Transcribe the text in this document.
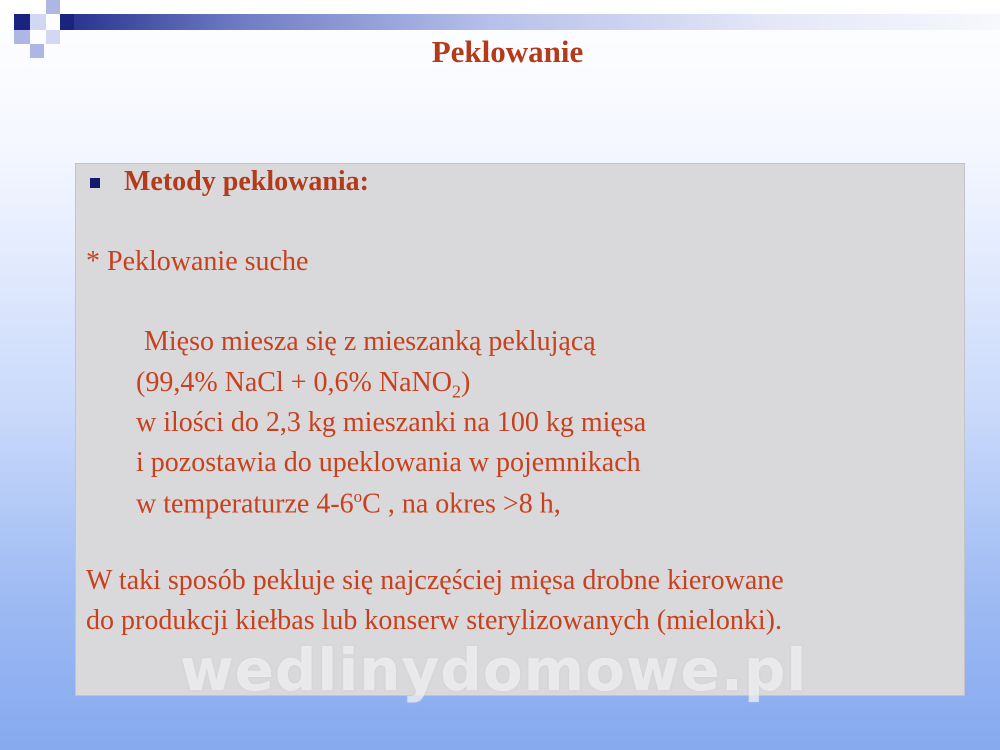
Peklowanie
Metody peklowania:
* Peklowanie suche
Mięso miesza się z mieszanką peklującą
(99,4% NaCl + 0,6% NaNO$_2$)
w ilości do 2,3 kg mieszanki na 100 kg mięsa
i pozostawia do upeklowania w pojemnikach
w temperaturze 4-6$^o$C , na okres >8 h,
W taki sposób pekluje się najczęściej mięsa drobne kierowane
do produkcji kiełbas lub konserw sterylizowanych (mielonki).
wedlinydomowe.pl
